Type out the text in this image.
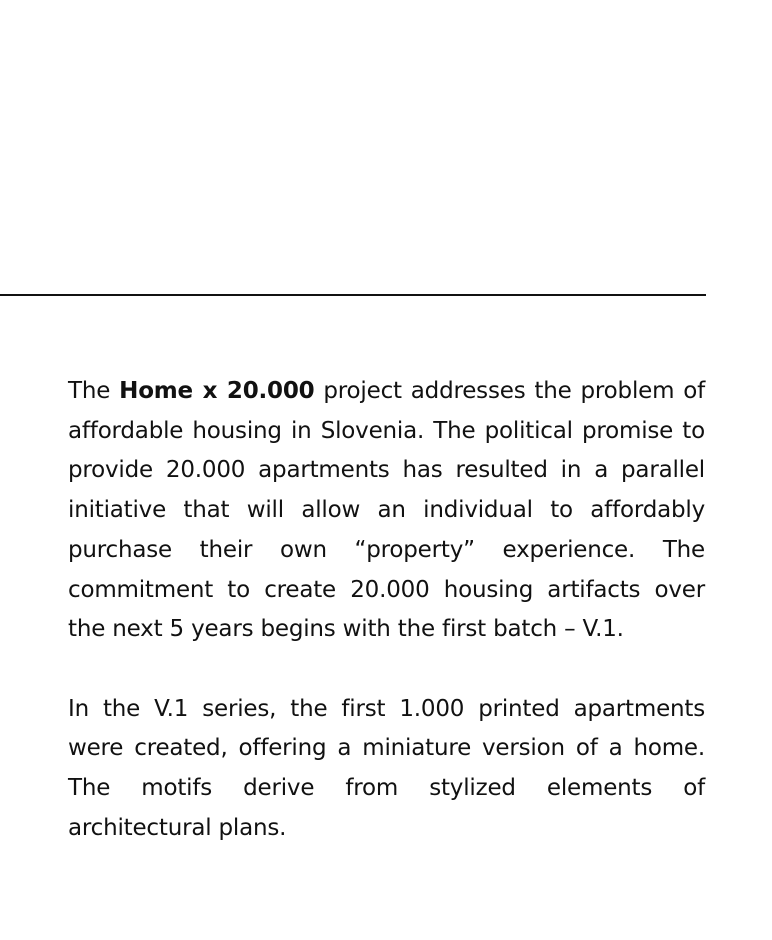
The Home x 20.000 project addresses the problem of affordable housing in Slovenia. The political promise to provide 20.000 apartments has resulted in a parallel initiative that will allow an individual to affordably purchase their own “property” experience. The commitment to create 20.000 housing artifacts over the next 5 years begins with the first batch – V.1.

In the V.1 series, the first 1.000 printed apartments were created, offering a miniature version of a home. The motifs derive from stylized elements of architectural plans.
